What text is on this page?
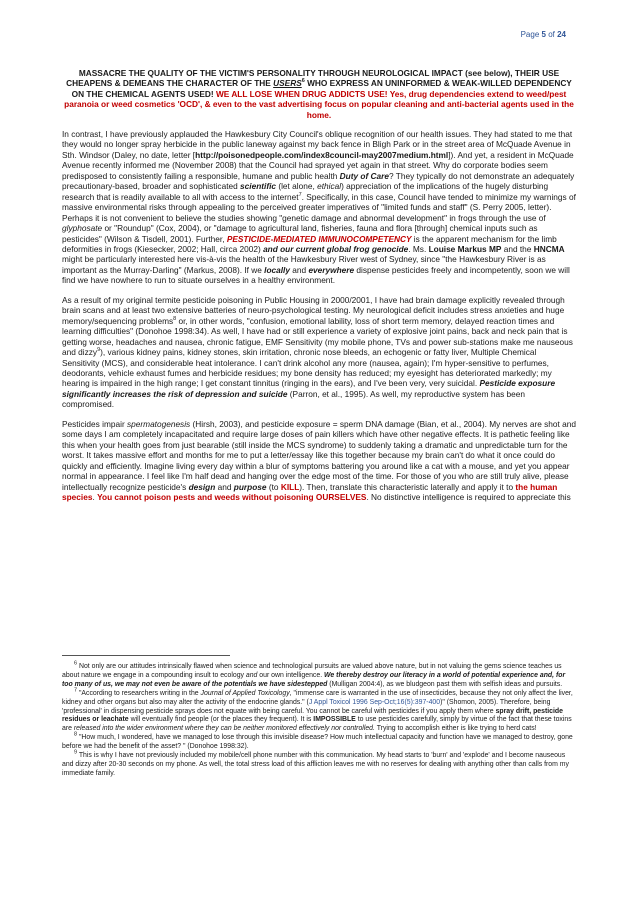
Page 5 of 24
MASSACRE THE QUALITY OF THE VICTIM'S PERSONALITY THROUGH NEUROLOGICAL IMPACT (see below), THEIR USE CHEAPENS & DEMEANS THE CHARACTER OF THE USERS$^6$ WHO EXPRESS AN UNINFORMED & WEAK-WILLED DEPENDENCY ON THE CHEMICAL AGENTS USED! WE ALL LOSE WHEN DRUG ADDICTS USE! Yes, drug dependencies extend to weed/pest paranoia or weed cosmetics 'OCD', & even to the vast advertising focus on popular cleaning and anti-bacterial agents used in the home.

In contrast, I have previously applauded the Hawkesbury City Council's oblique recognition of our health issues. They had stated to me that they would no longer spray herbicide in the public laneway against my back fence in Bligh Park or in the street area of McQuade Avenue in Sth. Windsor (Daley, no date, letter [http://poisonedpeople.com/index8council-may2007medium.html]). And yet, a resident in McQuade Avenue recently informed me (November 2008) that the Council had sprayed yet again in that street. Why do corporate bodies seem predisposed to consistently failing a responsible, humane and public health Duty of Care? They typically do not demonstrate an adequately precautionary-based, broader and sophisticated scientific (let alone, ethical) appreciation of the implications of the hugely disturbing research that is readily available to all with access to the internet$^7$. Specifically, in this case, Council have tended to minimize my warnings of massive environmental risks through appealing to the perceived greater imperatives of "limited funds and staff" (S. Perry 2005, letter). Perhaps it is not convenient to believe the studies showing "genetic damage and abnormal development" in frogs through the use of glyphosate or "Roundup" (Cox, 2004), or "damage to agricultural land, fisheries, fauna and flora [through] chemical inputs such as pesticides" (Wilson & Tisdell, 2001). Further, PESTICIDE-MEDIATED IMMUNOCOMPETENCY is the apparent mechanism for the limb deformities in frogs (Kiesecker, 2002; Hall, circa 2002) and our current global frog genocide. Ms. Louise Markus MP and the HNCMA might be particularly interested here vis-à-vis the health of the Hawkesbury River west of Sydney, since "the Hawkesbury River is as important as the Murray-Darling" (Markus, 2008). If we locally and everywhere dispense pesticides freely and incompetently, soon we will find we have nowhere to run to situate ourselves in a healthy environment.

As a result of my original termite pesticide poisoning in Public Housing in 2000/2001, I have had brain damage explicitly revealed through brain scans and at least two extensive batteries of neuro-psychological testing. My neurological deficit includes stress anxieties and huge memory/sequencing problems$^8$ or, in other words, "confusion, emotional lability, loss of short term memory, delayed reaction times and learning difficulties" (Donohoe 1998:34). As well, I have had or still experience a variety of explosive joint pains, back and neck pain that is getting worse, headaches and nausea, chronic fatigue, EMF Sensitivity (my mobile phone, TVs and power sub-stations make me nauseous and dizzy$^9$), various kidney pains, kidney stones, skin irritation, chronic nose bleeds, an echogenic or fatty liver, Multiple Chemical Sensitivity (MCS), and considerable heat intolerance. I can't drink alcohol any more (nausea, again); I'm hyper-sensitive to perfumes, deodorants, vehicle exhaust fumes and herbicide residues; my bone density has reduced; my eyesight has deteriorated markedly; my hearing is impaired in the high range; I get constant tinnitus (ringing in the ears), and I've been very, very suicidal. Pesticide exposure significantly increases the risk of depression and suicide (Parron, et al., 1995). As well, my reproductive system has been compromised.

Pesticides impair spermatogenesis (Hirsh, 2003), and pesticide exposure = sperm DNA damage (Bian, et al., 2004). My nerves are shot and some days I am completely incapacitated and require large doses of pain killers which have other negative effects. It is pathetic feeling like this when your health goes from just bearable (still inside the MCS syndrome) to suddenly taking a dramatic and unpredictable turn for the worst. It takes massive effort and months for me to put a letter/essay like this together because my brain can't do what it once could do quickly and efficiently. Imagine living every day within a blur of symptoms battering you around like a cat with a mouse, and yet you appear normal in appearance. I feel like I'm half dead and hanging over the edge most of the time. For those of you who are still truly alive, please intellectually recognize pesticide's design and purpose (to KILL). Then, translate this characteristic laterally and apply it to the human species. You cannot poison pests and weeds without poisoning OURSELVES. No distinctive intelligence is required to appreciate this

$^6$ Not only are our attitudes intrinsically flawed when science and technological pursuits are valued above nature, but in not valuing the gems science teaches us about nature we engage in a compounding insult to ecology and our own intelligence. We thereby destroy our literacy in a world of potential experience and, for too many of us, we may not even be aware of the potentials we have sidestepped (Mulligan 2004:4), as we bludgeon past them with selfish ideas and pursuits.

$^7$ "According to researchers writing in the Journal of Applied Toxicology, "immense care is warranted in the use of insecticides, because they not only affect the liver, kidney and other organs but also may alter the activity of the endocrine glands." (J Appl Toxicol 1996 Sep-Oct;16(5):397-400)" (Shomon, 2005). Therefore, being 'professional' in dispensing pesticide sprays does not equate with being careful. You cannot be careful with pesticides if you apply them where spray drift, pesticide residues or leachate will eventually find people (or the places they frequent). It is IMPOSSIBLE to use pesticides carefully, simply by virtue of the fact that these toxins are released into the wider environment where they can be neither monitored effectively nor controlled. Trying to accomplish either is like trying to herd cats!

$^8$ "How much, I wondered, have we managed to lose through this invisible disease? How much intellectual capacity and function have we managed to destroy, gone before we had the benefit of the asset? " (Donohoe 1998:32).

$^9$ This is why I have not previously included my mobile/cell phone number with this communication. My head starts to 'burn' and 'explode' and I become nauseous and dizzy after 20-30 seconds on my phone. As well, the total stress load of this affliction leaves me with no reserves for dealing with anything other than calls from my immediate family.
